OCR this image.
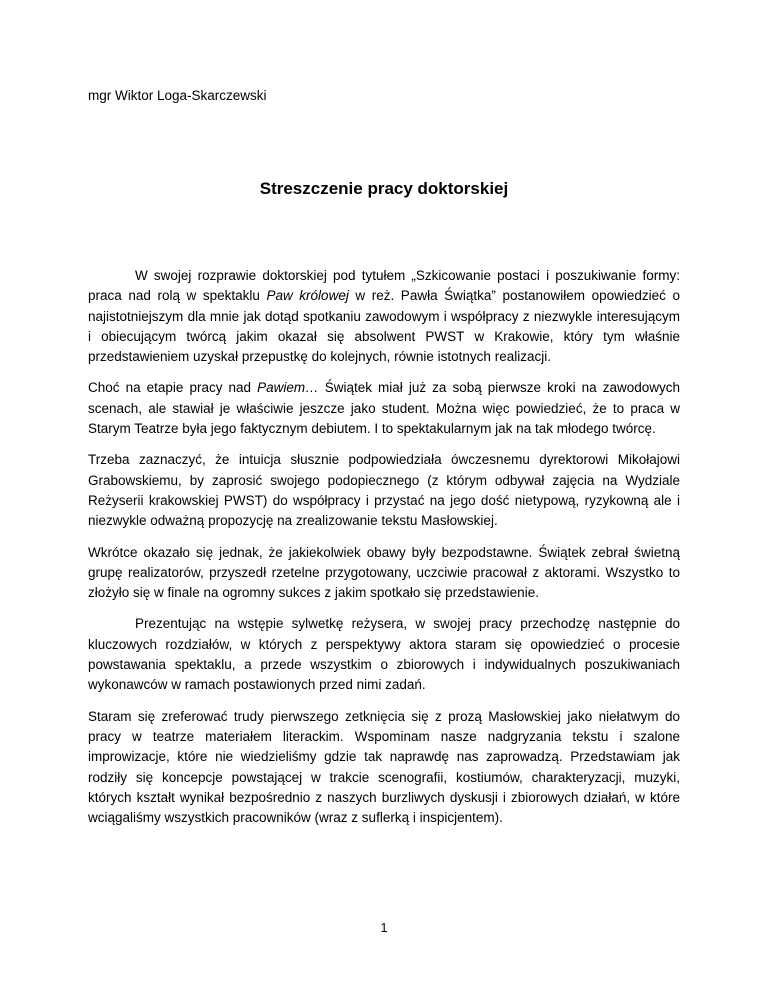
mgr Wiktor Loga-Skarczewski

Streszczenie pracy doktorskiej

W swojej rozprawie doktorskiej pod tytułem „Szkicowanie postaci i poszukiwanie formy: praca nad rolą w spektaklu Paw królowej w reż. Pawła Świątka” postanowiłem opowiedzieć o najistotniejszym dla mnie jak dotąd spotkaniu zawodowym i współpracy z niezwykle interesującym i obiecującym twórcą jakim okazał się absolwent PWST w Krakowie, który tym właśnie przedstawieniem uzyskał przepustkę do kolejnych, równie istotnych realizacji.

Choć na etapie pracy nad Pawiem… Świątek miał już za sobą pierwsze kroki na zawodowych scenach, ale stawiał je właściwie jeszcze jako student. Można więc powiedzieć, że to praca w Starym Teatrze była jego faktycznym debiutem. I to spektakularnym jak na tak młodego twórcę.

Trzeba zaznaczyć, że intuicja słusznie podpowiedziała ówczesnemu dyrektorowi Mikołajowi Grabowskiemu, by zaprosić swojego podopiecznego (z którym odbywał zajęcia na Wydziale Reżyserii krakowskiej PWST) do współpracy i przystać na jego dość nietypową, ryzykowną ale i niezwykle odważną propozycję na zrealizowanie tekstu Masłowskiej.

Wkrótce okazało się jednak, że jakiekolwiek obawy były bezpodstawne. Świątek zebrał świetną grupę realizatorów, przyszedł rzetelne przygotowany, uczciwie pracował z aktorami. Wszystko to złożyło się w finale na ogromny sukces z jakim spotkało się przedstawienie.

Prezentując na wstępie sylwetkę reżysera, w swojej pracy przechodzę następnie do kluczowych rozdziałów, w których z perspektywy aktora staram się opowiedzieć o procesie powstawania spektaklu, a przede wszystkim o zbiorowych i indywidualnych poszukiwaniach wykonawców w ramach postawionych przed nimi zadań.

Staram się zreferować trudy pierwszego zetknięcia się z prozą Masłowskiej jako niełatwym do pracy w teatrze materiałem literackim. Wspominam nasze nadgryzania tekstu i szalone improwizacje, które nie wiedzieliśmy gdzie tak naprawdę nas zaprowadzą. Przedstawiam jak rodziły się koncepcje powstającej w trakcie scenografii, kostiumów, charakteryzacji, muzyki, których kształt wynikał bezpośrednio z naszych burzliwych dyskusji i zbiorowych działań, w które wciągaliśmy wszystkich pracowników (wraz z suflerką i inspicjentem).

1
